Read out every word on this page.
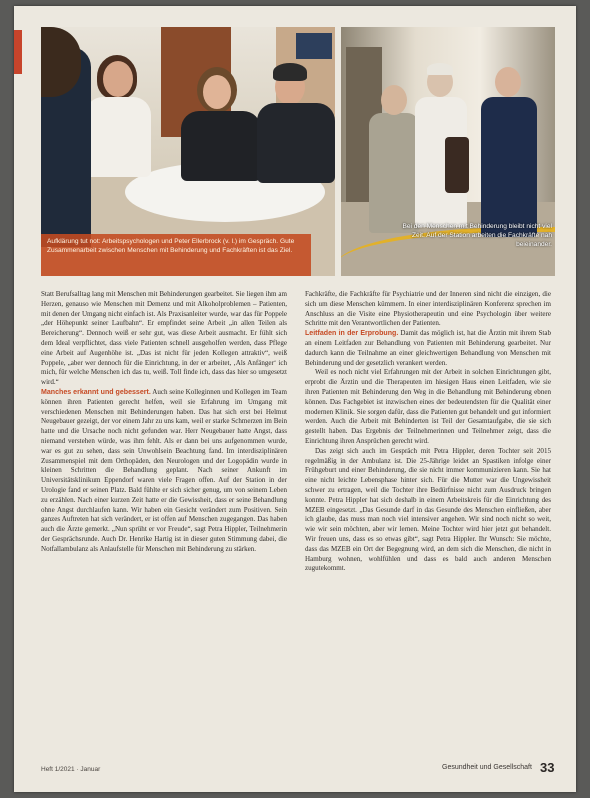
Aufklärung tut not: Arbeitspsychologen und Peter Ellerbrock (v. l.) im Gespräch. Gute Zusammenarbeit zwischen Menschen mit Behinderung und Fachkräften ist das Ziel.
Bei den Menschen mit Behinderung bleibt nicht viel Zeit. Auf der Station arbeiten die Fachkräfte nah beieinander.

Statt Berufsalltag lang mit Menschen mit Behinderungen gearbeitet. Sie liegen ihm am Herzen, genauso wie Menschen mit Demenz und mit Alkoholproblemen – Patienten, mit denen der Umgang nicht einfach ist. Als Praxisanleiter wurde, war das für Poppele „der Höhepunkt seiner Laufbahn“. Er empfindet seine Arbeit „in allen Teilen als Bereicherung“. Dennoch weiß er sehr gut, was diese Arbeit ausmacht. Er fühlt sich dem Ideal verpflichtet, dass viele Patienten schnell ausgeholfen werden, dass Pflege eine Arbeit auf Augenhöhe ist. „Das ist nicht für jeden Kollegen attraktiv“, weiß Poppele, „aber wer dennoch für die Einrichtung, in der er arbeitet, ‚Als Anfänger‘ ich mich, für welche Menschen ich das tu, weiß. Toll finde ich, dass das hier so umgesetzt wird.“

Manches erkannt und gebessert. Auch seine Kolleginnen und Kollegen im Team können ihren Patienten gerecht helfen, weil sie Erfahrung im Umgang mit verschiedenen Menschen mit Behinderungen haben. Das hat sich erst bei Helmut Neugebauer gezeigt, der vor einem Jahr zu uns kam, weil er starke Schmerzen im Bein hatte und die Ursache noch nicht gefunden war. Herr Neugebauer hatte Angst, dass niemand verstehen würde, was ihm fehlt. Als er dann bei uns aufgenommen wurde, war es gut zu sehen, dass sein Unwohlsein Beachtung fand. Im interdisziplinären Zusammenspiel mit dem Orthopäden, den Neurologen und der Logopädin wurde in kleinen Schritten die Behandlung geplant. Nach seiner Ankunft im Universitätsklinikum Eppendorf waren viele Fragen offen. Auf der Station in der Urologie fand er seinen Platz. Bald fühlte er sich sicher genug, um von seinem Leben zu erzählen. Nach einer kurzen Zeit hatte er die Gewissheit, dass er seine Behandlung ohne Angst durchlaufen kann. Wir haben ein Gesicht verändert zum Positiven. Sein ganzes Auftreten hat sich verändert, er ist offen auf Menschen zugegangen. Das haben auch die Ärzte gemerkt. „Nun sprüht er vor Freude“, sagt Petra Hippler, Teilnehmerin der Gesprächsrunde. Auch Dr. Henrike Hartig ist in dieser guten Stimmung dabei, die Notfallambulanz als Anlaufstelle für Menschen mit Behinderung zu stärken.

Fachkräfte, die Fachkräfte für Psychiatrie und der Inneren sind nicht die einzigen, die sich um diese Menschen kümmern. In einer interdisziplinären Konferenz sprechen im Anschluss an die Visite eine Physiotherapeutin und eine Psychologin über weitere Schritte mit den Verantwortlichen der Patienten.

Leitfaden in der Erprobung. Damit das möglich ist, hat die Ärztin mit ihrem Stab an einem Leitfaden zur Behandlung von Patienten mit Behinderung gearbeitet. Nur dadurch kann die Teilnahme an einer gleichwertigen Behandlung von Menschen mit Behinderung und der gesetzlich verankert werden.

Weil es noch nicht viel Erfahrungen mit der Arbeit in solchen Einrichtungen gibt, erprobt die Ärztin und die Therapeuten im hiesigen Haus einen Leitfaden, wie sie ihren Patienten mit Behinderung den Weg in die Behandlung mit Behinderung ebnen können. Das Fachgebiet ist inzwischen eines der bedeutendsten für die Qualität einer modernen Klinik. Sie sorgen dafür, dass die Patienten gut behandelt und gut informiert werden. Auch die Arbeit mit Behinderten ist Teil der Gesamtaufgabe, die sie sich gestellt haben. Das Ergebnis der Teilnehmerinnen und Teilnehmer zeigt, dass die Einrichtung ihren Ansprüchen gerecht wird.

Das zeigt sich auch im Gespräch mit Petra Hippler, deren Tochter seit 2015 regelmäßig in der Ambulanz ist. Die 25-Jährige leidet an Spastiken infolge einer Frühgeburt und einer Behinderung, die sie nicht immer kommunizieren kann. Sie hat eine nicht leichte Lebensphase hinter sich. Für die Mutter war die Ungewissheit schwer zu ertragen, weil die Tochter ihre Bedürfnisse nicht zum Ausdruck bringen konnte. Petra Hippler hat sich deshalb in einem Arbeitskreis für die Einrichtung des MZEB eingesetzt. „Das Gesunde darf in das Gesunde des Menschen einfließen, aber ich glaube, das muss man noch viel intensiver angehen. Wir sind noch nicht so weit, wie wir sein möchten, aber wir lernen. Meine Tochter wird hier jetzt gut behandelt. Wir freuen uns, dass es so etwas gibt“, sagt Petra Hippler. Ihr Wunsch: Sie möchte, dass das MZEB ein Ort der Begegnung wird, an dem sich die Menschen, die nicht in Hamburg wohnen, wohlfühlen und dass es bald auch anderen Menschen zugutekommt.

Heft 1/2021 · Januar	Gesundheit und Gesellschaft 33
